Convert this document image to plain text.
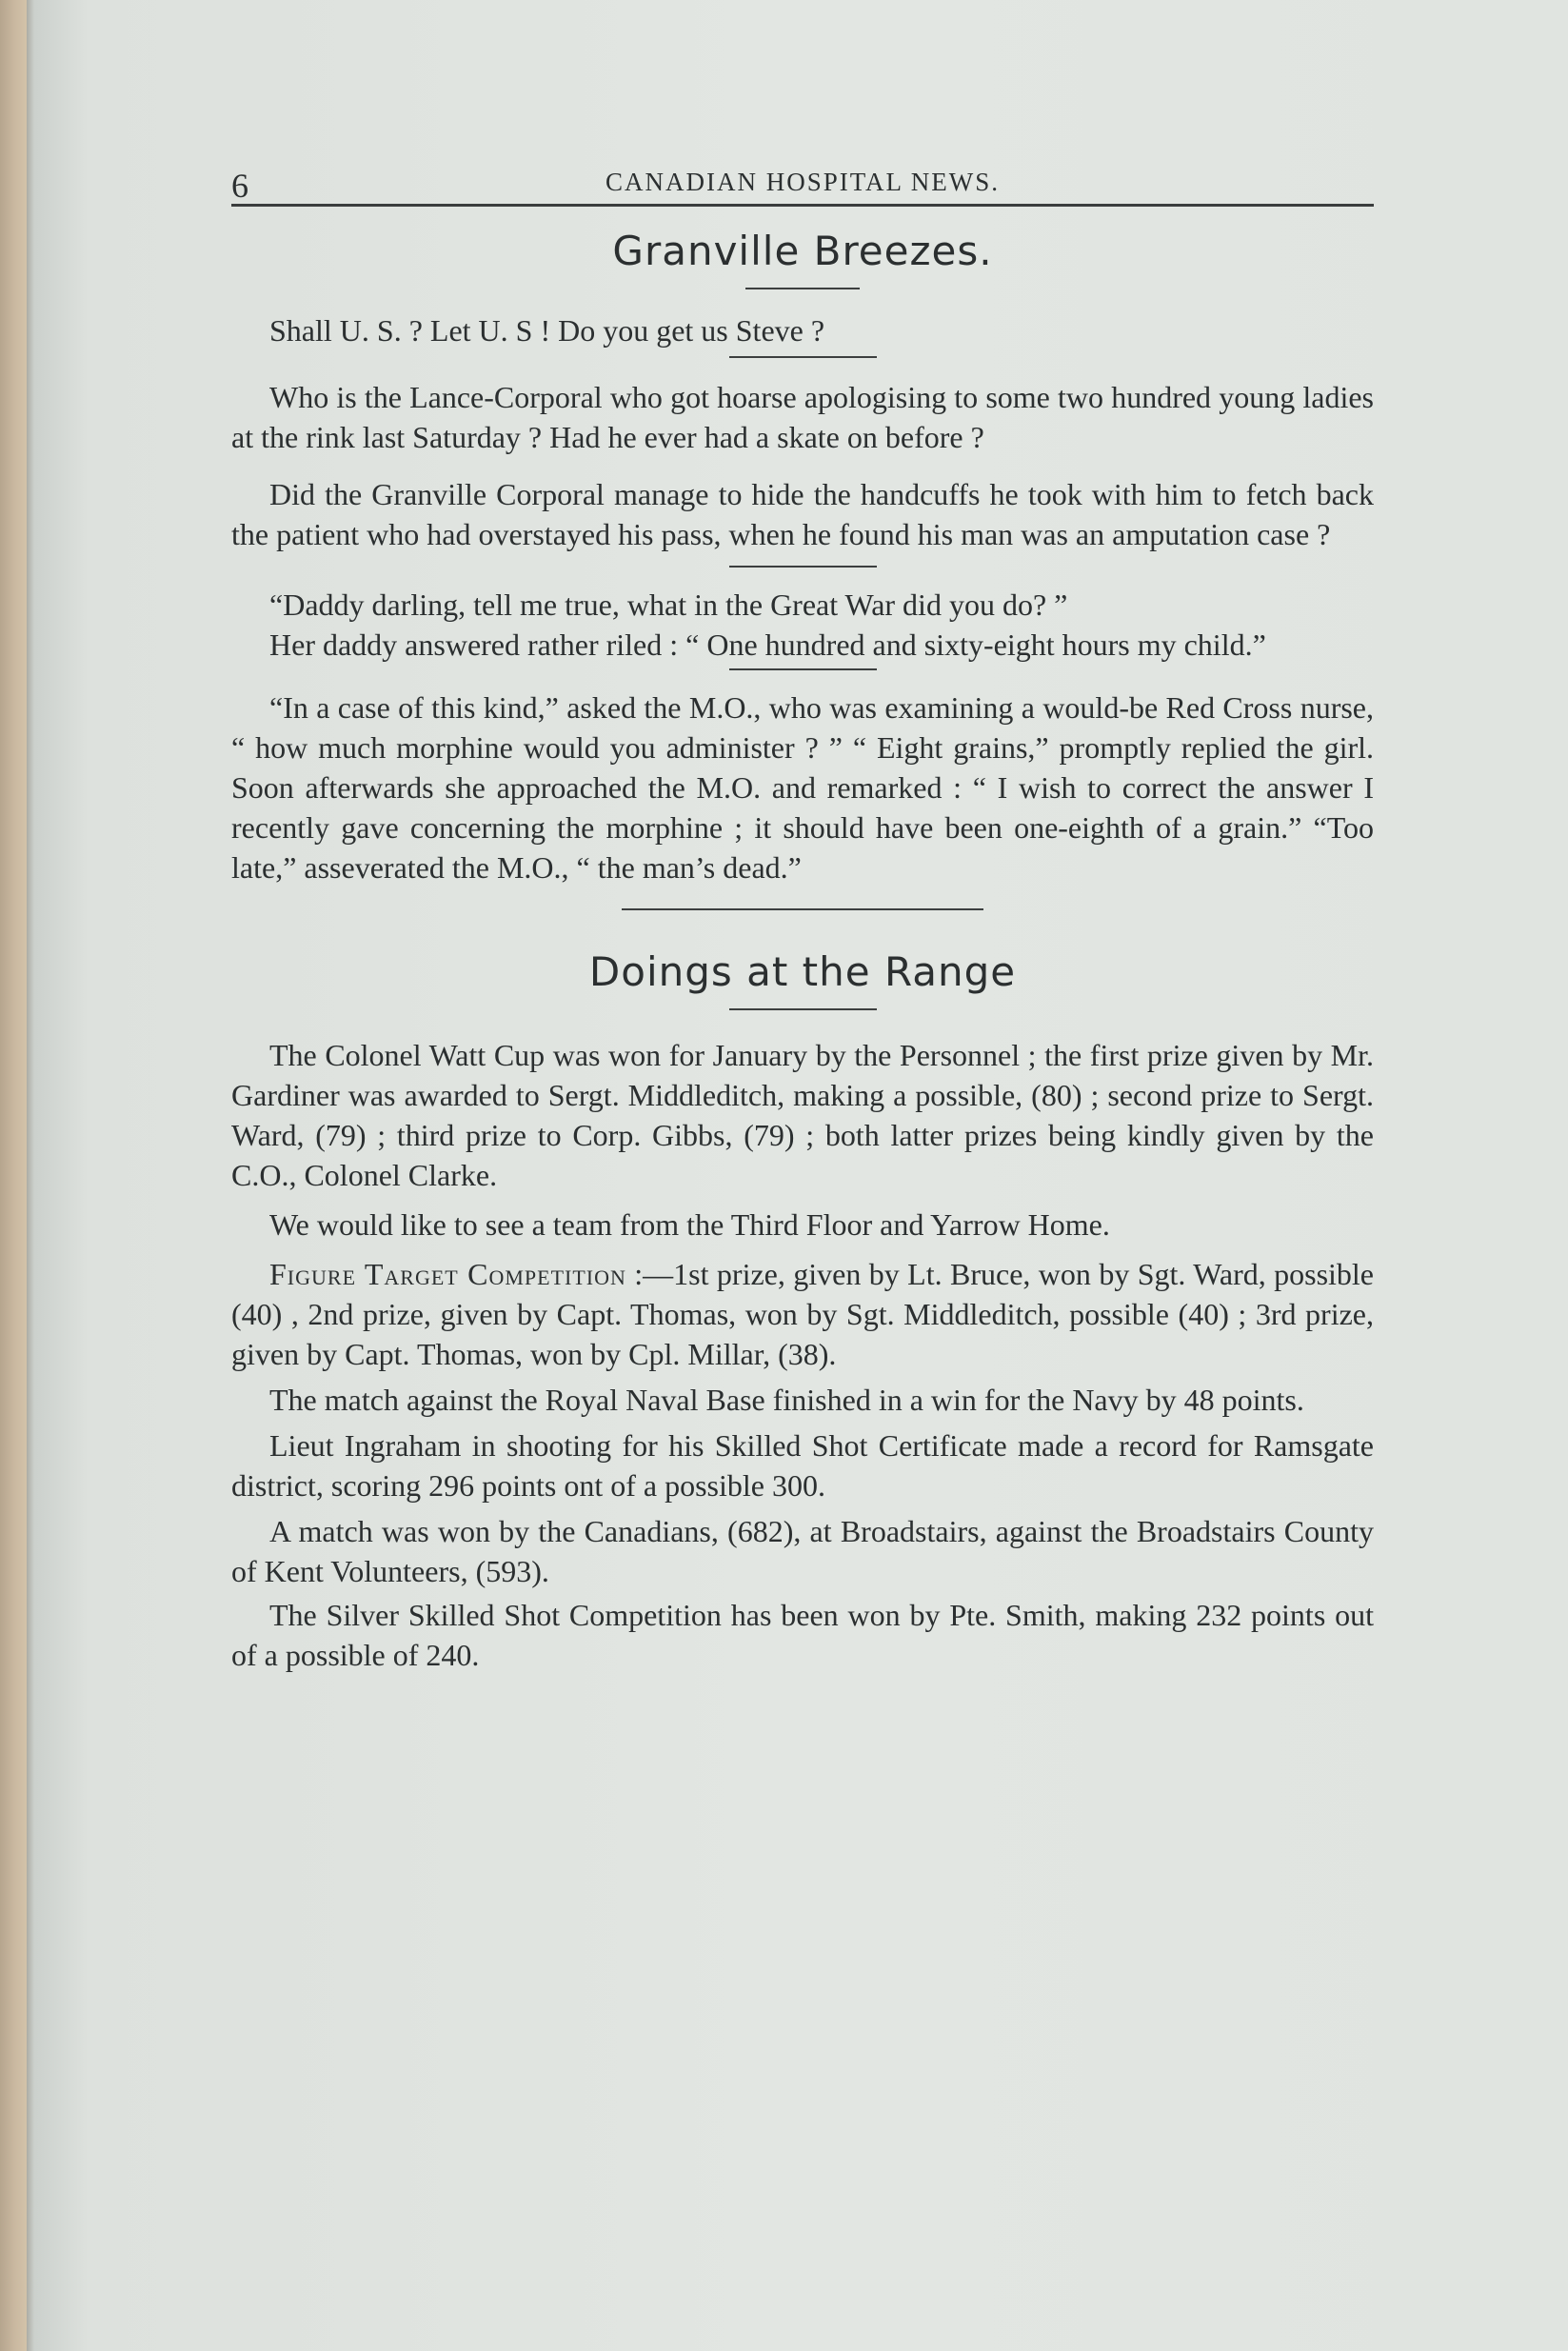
6	CANADIAN HOSPITAL NEWS.
Granville Breezes.

Shall U. S. ? Let U. S ! Do you get us Steve ?

Who is the Lance-Corporal who got hoarse apologising to some two hundred young ladies at the rink last Saturday ? Had he ever had a skate on before ?

Did the Granville Corporal manage to hide the handcuffs he took with him to fetch back the patient who had overstayed his pass, when he found his man was an amputation case ?

“Daddy darling, tell me true, what in the Great War did you do? ”

Her daddy answered rather riled : “ One hundred and sixty-eight hours my child.”

“In a case of this kind,” asked the M.O., who was examining a would-be Red Cross nurse, “ how much morphine would you administer ? ” “ Eight grains,” promptly replied the girl. Soon afterwards she approached the M.O. and remarked : “ I wish to correct the answer I recently gave concerning the morphine ; it should have been one-eighth of a grain.” “Too late,” asseverated the M.O., “ the man’s dead.”

Doings at the Range

The Colonel Watt Cup was won for January by the Personnel ; the first prize given by Mr. Gardiner was awarded to Sergt. Middleditch, making a possible, (80) ; second prize to Sergt. Ward, (79) ; third prize to Corp. Gibbs, (79) ; both latter prizes being kindly given by the C.O., Colonel Clarke.

We would like to see a team from the Third Floor and Yarrow Home.

Figure Target Competition :—1st prize, given by Lt. Bruce, won by Sgt. Ward, possible (40) , 2nd prize, given by Capt. Thomas, won by Sgt. Middleditch, possible (40) ; 3rd prize, given by Capt. Thomas, won by Cpl. Millar, (38).

The match against the Royal Naval Base finished in a win for the Navy by 48 points.

Lieut Ingraham in shooting for his Skilled Shot Certificate made a record for Ramsgate district, scoring 296 points ont of a possible 300.

A match was won by the Canadians, (682), at Broadstairs, against the Broadstairs County of Kent Volunteers, (593).

The Silver Skilled Shot Competition has been won by Pte. Smith, making 232 points out of a possible of 240.
